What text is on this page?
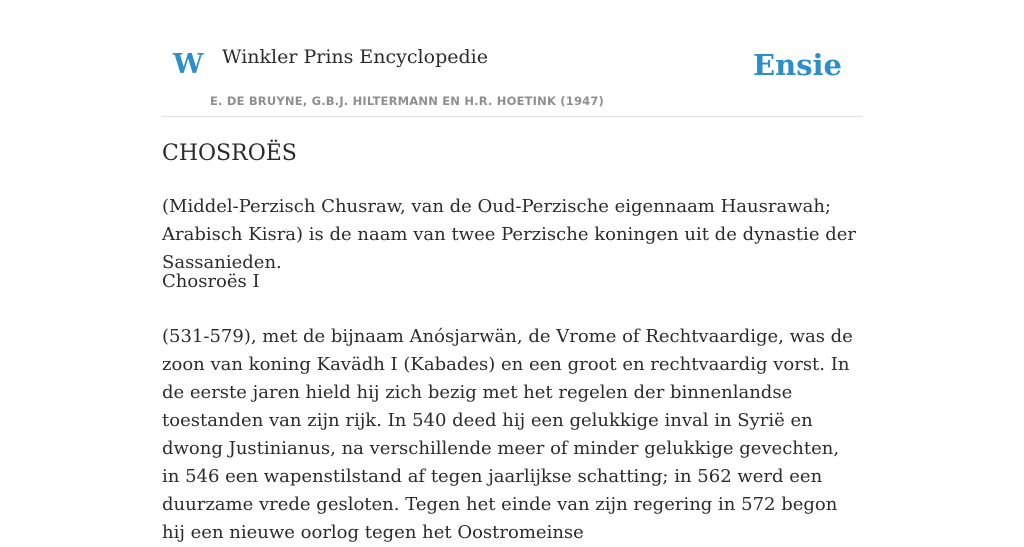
W Winkler Prins Encyclopedie
E. DE BRUYNE, G.B.J. HILTERMANN EN H.R. HOETINK (1947)
Ensie
CHOSROËS
(Middel-Perzisch Chusraw, van de Oud-Perzische eigennaam Hausrawah; Arabisch Kisra) is de naam van twee Perzische koningen uit de dynastie der Sassanieden.
Chosroës I
(531-579), met de bijnaam Anósjarwän, de Vrome of Rechtvaardige, was de zoon van koning Kavädh I (Kabades) en een groot en rechtvaardig vorst. In de eerste jaren hield hij zich bezig met het regelen der binnenlandse toestanden van zijn rijk. In 540 deed hij een gelukkige inval in Syrië en dwong Justinianus, na verschillende meer of minder gelukkige gevechten, in 546 een wapenstilstand af tegen jaarlijkse schatting; in 562 werd een duurzame vrede gesloten. Tegen het einde van zijn regering in 572 begon hij een nieuwe oorlog tegen het Oostromeinse
